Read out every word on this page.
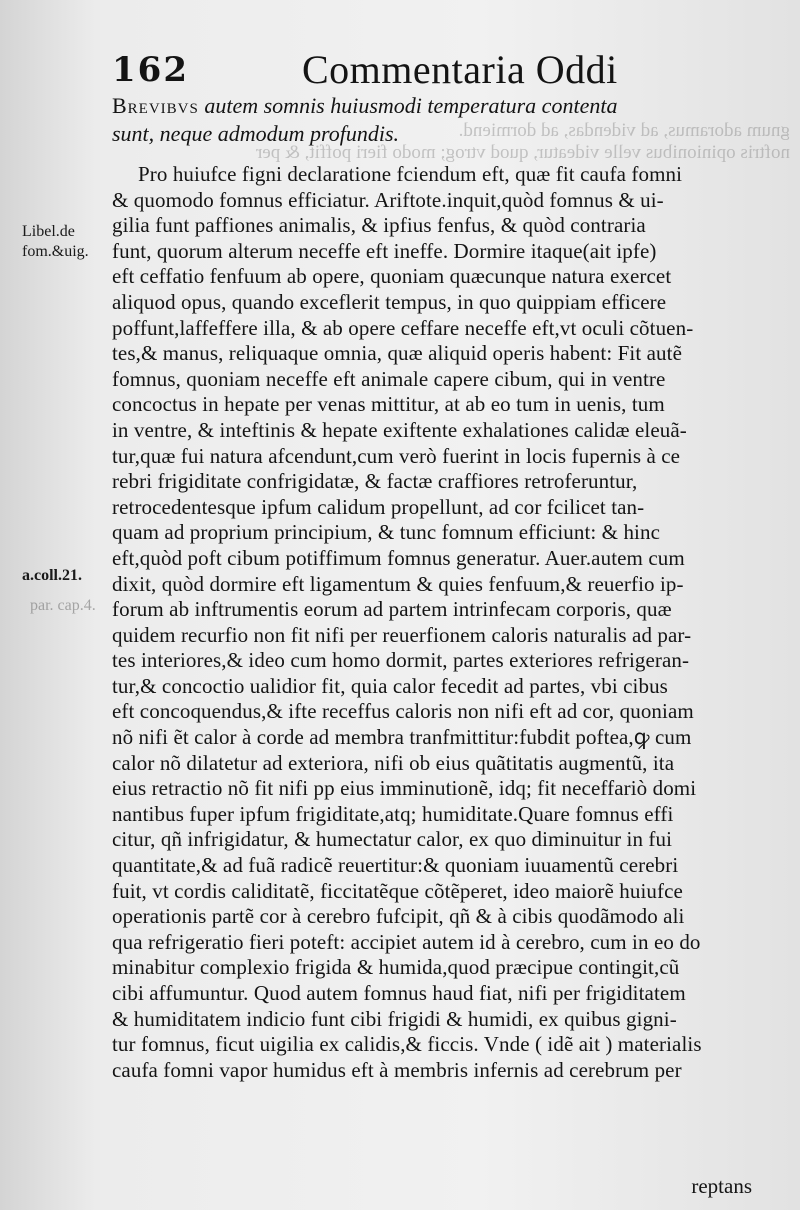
gnum adoramus, ad videndas, ad dormiend.
noftris opinionibus velle videatur, quod vtrog; modo fieri poffit, & per
162	Commentaria Oddi
Brevibvs autem somnis huiusmodi temperatura contenta
sunt, neque admodum profundis.
Libel.de
fom.&uig.
a.coll.21.
par. cap.4.
Pro huiufce figni declaratione fciendum eft, quæ fit caufa fomni
& quomodo fomnus efficiatur. Ariftote.inquit,quòd fomnus & ui-
gilia funt paffiones animalis, & ipfius fenfus, & quòd contraria
funt, quorum alterum neceffe eft ineffe. Dormire itaque(ait ipfe)
eft ceffatio fenfuum ab opere, quoniam quæcunque natura exercet
aliquod opus, quando exceflerit tempus, in quo quippiam efficere
poffunt,laffeffere illa, & ab opere ceffare neceffe eft,vt oculi cõtuen-
tes,& manus, reliquaque omnia, quæ aliquid operis habent: Fit autẽ
fomnus, quoniam neceffe eft animale capere cibum, qui in ventre
concoctus in hepate per venas mittitur, at ab eo tum in uenis, tum
in ventre, & inteftinis & hepate exiftente exhalationes calidæ eleuã-
tur,quæ fui natura afcendunt,cum verò fuerint in locis fupernis à ce
rebri frigiditate confrigidatæ, & factæ craffiores retroferuntur,
retrocedentesque ipfum calidum propellunt, ad cor fcilicet tan-
quam ad proprium principium, & tunc fomnum efficiunt: & hinc
eft,quòd poft cibum potiffimum fomnus generatur. Auer.autem cum
dixit, quòd dormire eft ligamentum & quies fenfuum,& reuerfio ip-
forum ab inftrumentis eorum ad partem intrinfecam corporis, quæ
quidem recurfio non fit nifi per reuerfionem caloris naturalis ad par-
tes interiores,& ideo cum homo dormit, partes exteriores refrigeran-
tur,& concoctio ualidior fit, quia calor fecedit ad partes, vbi cibus
eft concoquendus,& ifte receffus caloris non nifi eft ad cor, quoniam
nõ nifi ẽt calor à corde ad membra tranfmittitur:fubdit poftea,ꝙ cum
calor nõ dilatetur ad exteriora, nifi ob eius quãtitatis augmentũ, ita
eius retractio nõ fit nifi pp eius imminutionẽ, idq; fit neceffariò domi
nantibus fuper ipfum frigiditate,atq; humiditate.Quare fomnus effi
citur, qñ infrigidatur, & humectatur calor, ex quo diminuitur in fui
quantitate,& ad fuã radicẽ reuertitur:& quoniam iuuamentũ cerebri
fuit, vt cordis caliditatẽ, ficcitatẽque cõtẽperet, ideo maiorẽ huiufce
operationis partẽ cor à cerebro fufcipit, qñ & à cibis quodãmodo ali
qua refrigeratio fieri poteft: accipiet autem id à cerebro, cum in eo do
minabitur complexio frigida & humida,quod præcipue contingit,cũ
cibi affumuntur. Quod autem fomnus haud fiat, nifi per frigiditatem
& humiditatem indicio funt cibi frigidi & humidi, ex quibus gigni-
tur fomnus, ficut uigilia ex calidis,& ficcis. Vnde ( idẽ ait ) materialis
caufa fomni vapor humidus eft à membris infernis ad cerebrum per
reptans
